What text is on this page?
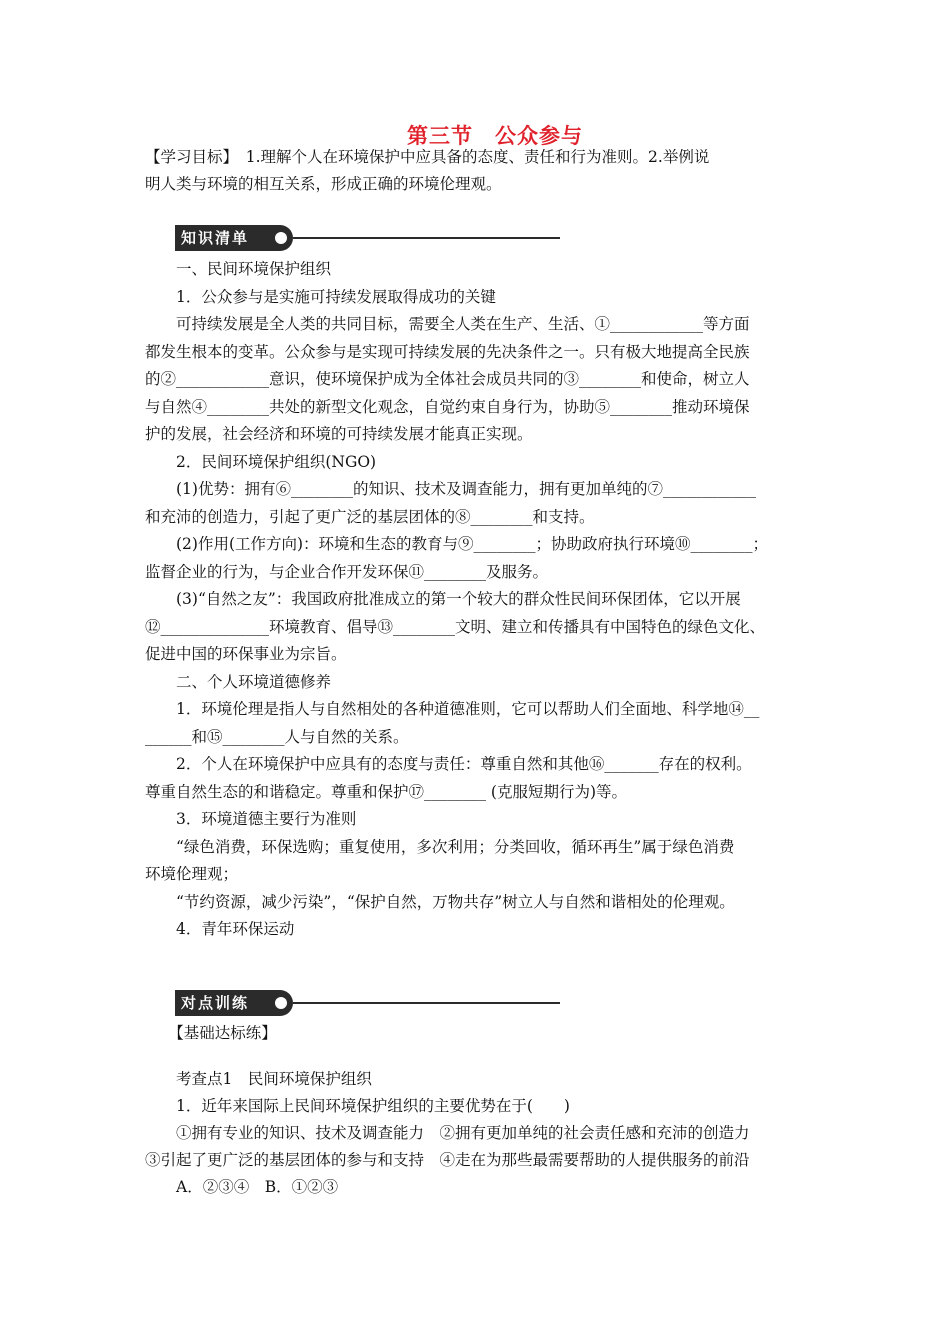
第三节　公众参与
【学习目标】　1.理解个人在环境保护中应具备的态度、责任和行为准则。2.举例说
明人类与环境的相互关系，形成正确的环境伦理观。
知识清单
　　一、民间环境保护组织
　　1．公众参与是实施可持续发展取得成功的关键
　　可持续发展是全人类的共同目标，需要全人类在生产、生活、①____________等方面
都发生根本的变革。公众参与是实现可持续发展的先决条件之一。只有极大地提高全民族
的②____________意识，使环境保护成为全体社会成员共同的③________和使命，树立人
与自然④________共处的新型文化观念，自觉约束自身行为，协助⑤________推动环境保
护的发展，社会经济和环境的可持续发展才能真正实现。
　　2．民间环境保护组织(NGO)
　　(1)优势：拥有⑥________的知识、技术及调查能力，拥有更加单纯的⑦____________
和充沛的创造力，引起了更广泛的基层团体的⑧________和支持。
　　(2)作用(工作方向)：环境和生态的教育与⑨________；协助政府执行环境⑩________；
监督企业的行为，与企业合作开发环保⑪________及服务。
　　(3)“自然之友”：我国政府批准成立的第一个较大的群众性民间环保团体，它以开展
⑫______________环境教育、倡导⑬________文明、建立和传播具有中国特色的绿色文化、
促进中国的环保事业为宗旨。
　　二、个人环境道德修养
　　1．环境伦理是指人与自然相处的各种道德准则，它可以帮助人们全面地、科学地⑭__
______和⑮________人与自然的关系。
　　2．个人在环境保护中应具有的态度与责任：尊重自然和其他⑯_______存在的权利。
尊重自然生态的和谐稳定。尊重和保护⑰________ (克服短期行为)等。
　　3．环境道德主要行为准则
　　“绿色消费，环保选购；重复使用，多次利用；分类回收，循环再生”属于绿色消费
环境伦理观；
　　“节约资源，减少污染”，“保护自然，万物共存”树立人与自然和谐相处的伦理观。
　　4．青年环保运动
对点训练
　　【基础达标练】
　　考查点1　民间环境保护组织
　　1．近年来国际上民间环境保护组织的主要优势在于(　　)
　　①拥有专业的知识、技术及调查能力　②拥有更加单纯的社会责任感和充沛的创造力
③引起了更广泛的基层团体的参与和支持　④走在为那些最需要帮助的人提供服务的前沿
　　A．②③④　B．①②③
